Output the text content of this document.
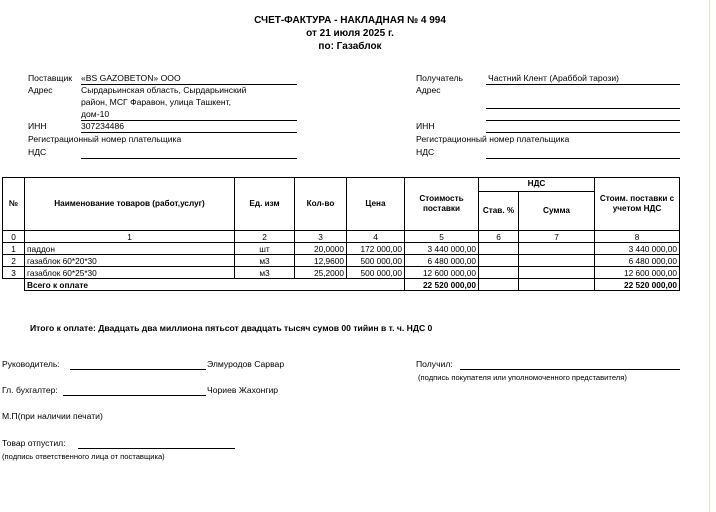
СЧЕТ-ФАКТУРА - НАКЛАДНАЯ № 4 994
от 21 июля 2025 г.
по: Газаблок
Поставщик «BS GAZOBETON» ООО
Адрес	Сырдарьинская область, Сырдарьинский
район, МСГ Фаравон, улица Ташкент,
дом-10
ИНН	307234486
Регистрационный номер плательщика
НДС
Получатель	Частний Клент (Араббой тарози)
Адрес
ИНН
Регистрационный номер плательщика
НДС
№	Наименование товаров (работ,услуг)	Ед. изм	Кол-во	Цена	Стоимость поставки	НДС		Стоим. поставки с учетом НДС
						Став. %	Сумма	
0	1	2	3	4	5	6	7	8
1	паддон	шт	20,0000	172 000,00	3 440 000,00			3 440 000,00
2	газаблок 60*20*30	м3	12,9600	500 000,00	6 480 000,00			6 480 000,00
3	газаблок 60*25*30	м3	25,2000	500 000,00	12 600 000,00			12 600 000,00
	Всего к оплате				22 520 000,00			22 520 000,00
Итого к оплате: Двадцать два миллиона пятьсот двадцать тысяч сумов 00 тийин в т. ч. НДС 0
Руководитель:	Элмуродов Сарвар	Получил:
(подпись покупателя или уполномоченного представителя)
Гл. бухгалтер:	Чориев Жахонгир
М.П(при наличии печати)
Товар отпустил:
(подпись ответственного лица от поставщика)
